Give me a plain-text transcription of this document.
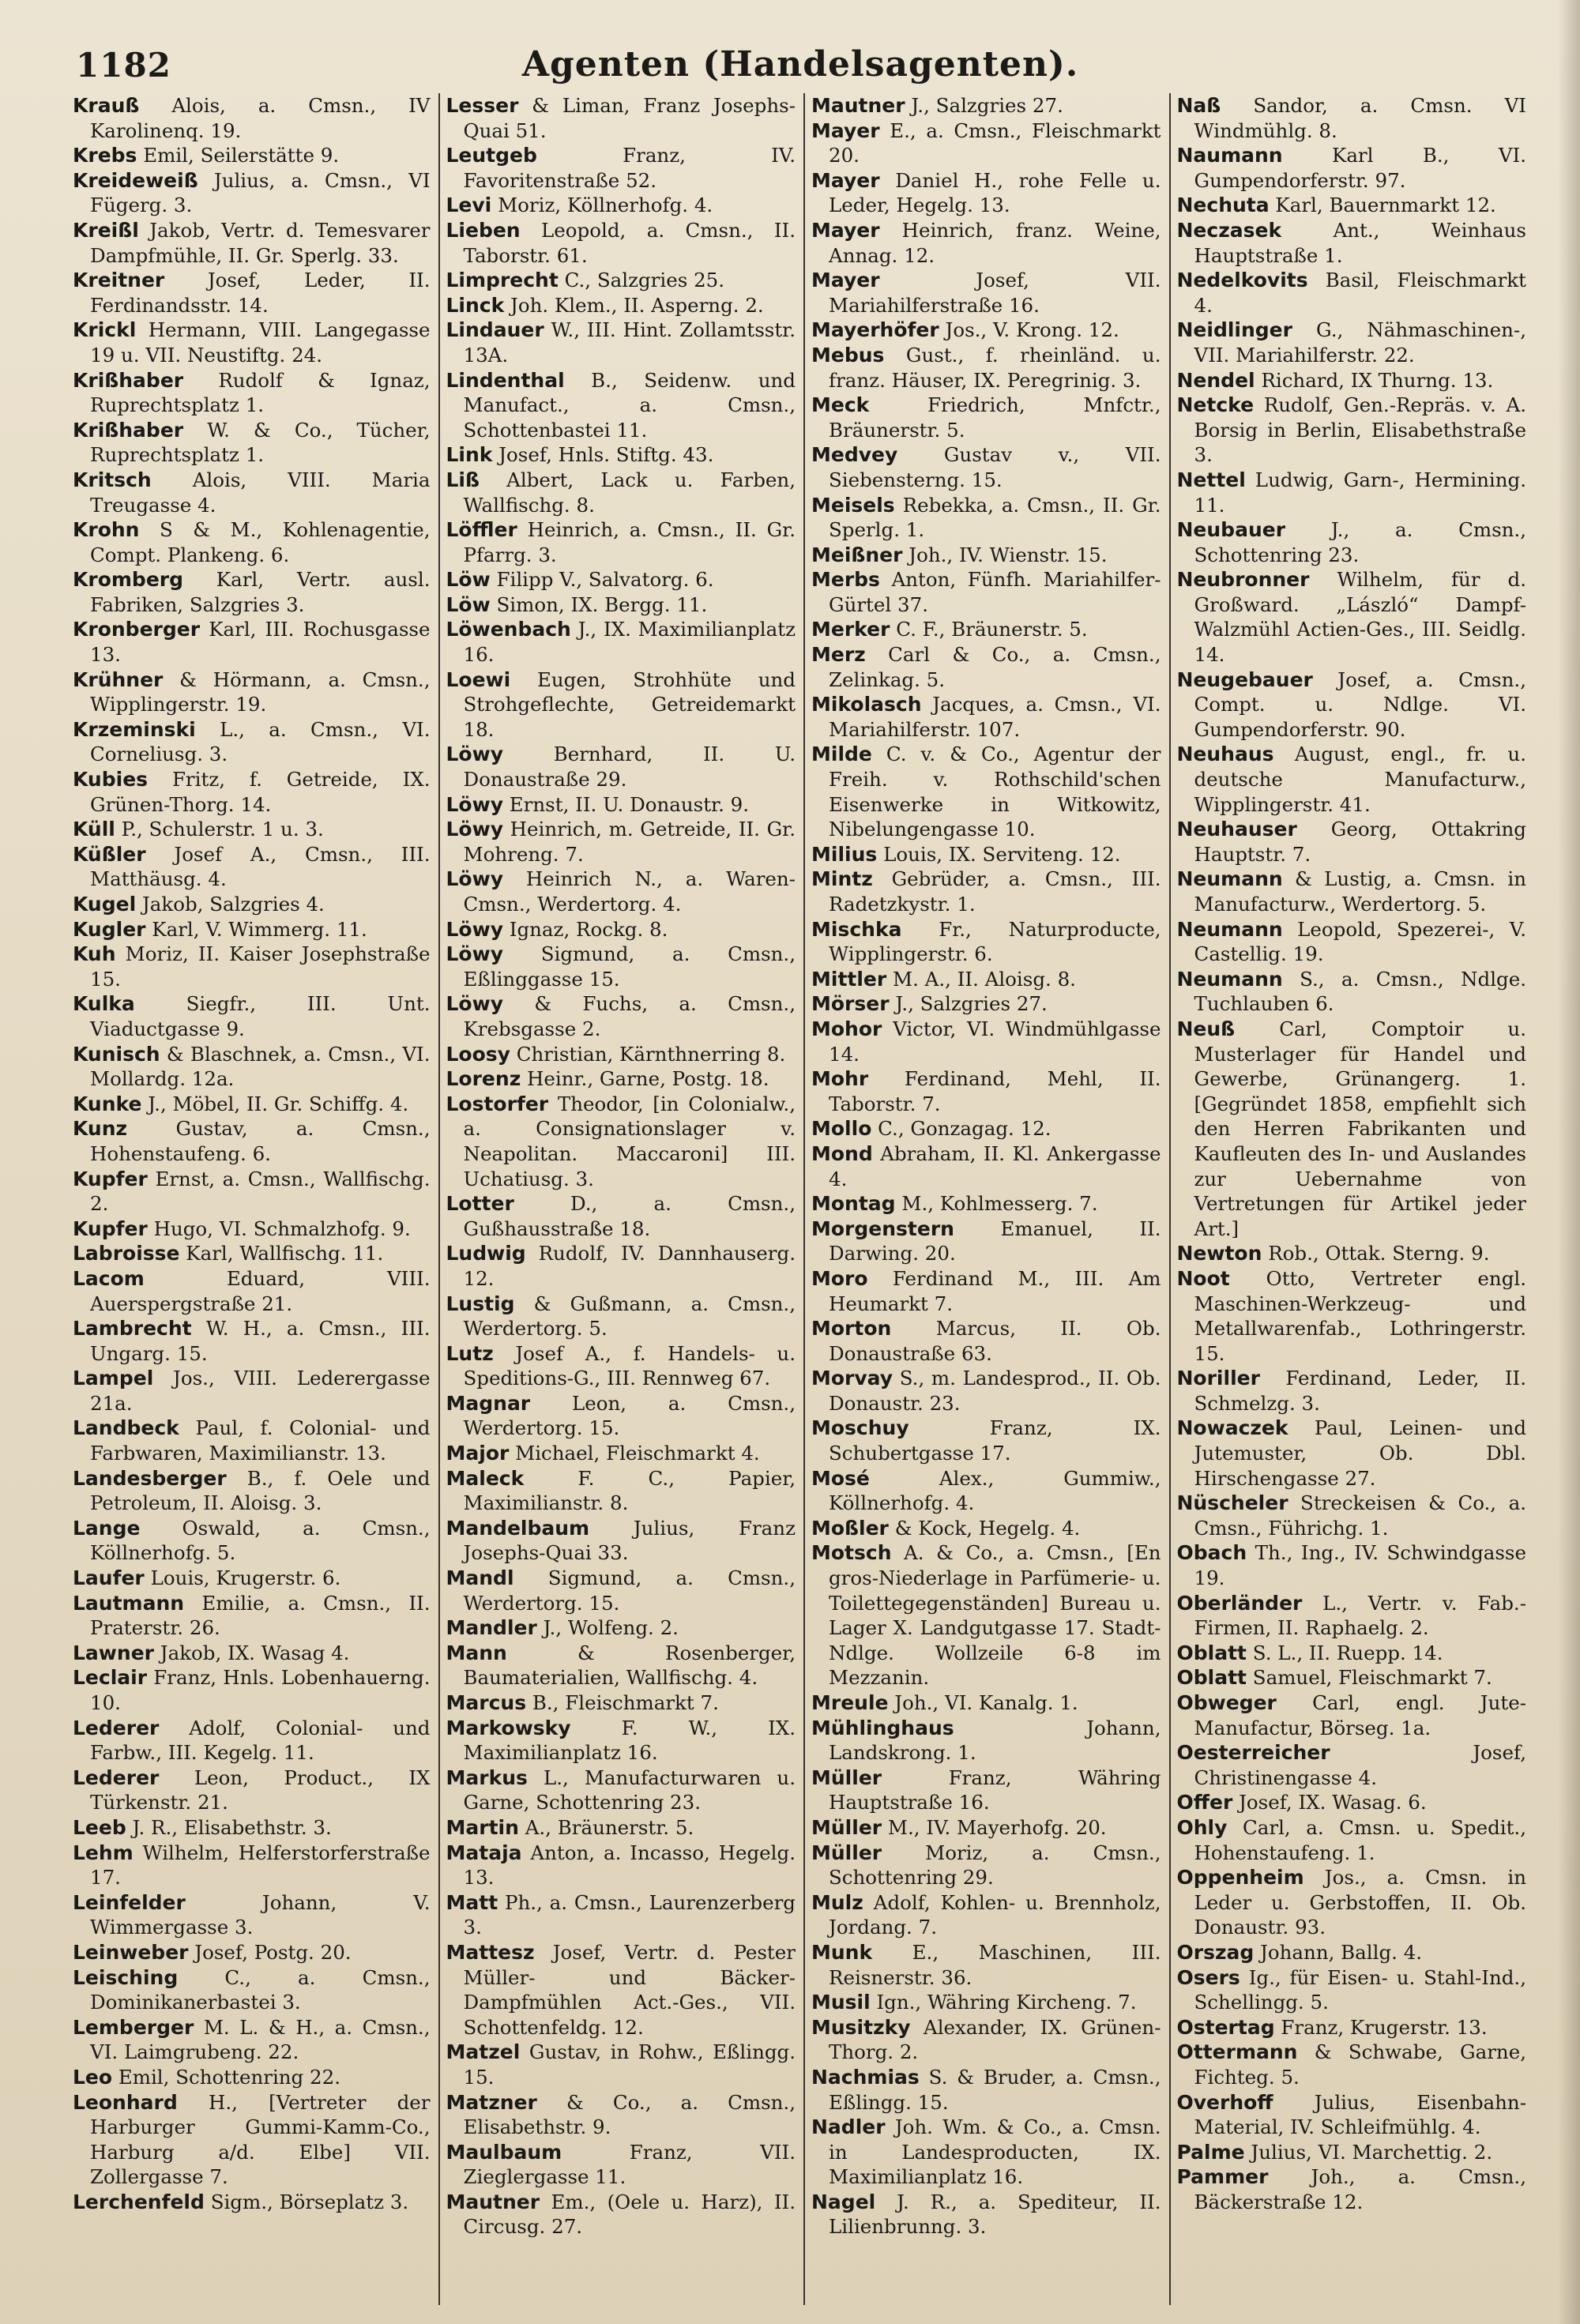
1182	Agenten (Handelsagenten).
Krauß Alois, a. Cmsn., IV Karolinenq. 19.
Krebs Emil, Seilerstätte 9.
Kreideweiß Julius, a. Cmsn., VI Fügerg. 3.
Kreißl Jakob, Vertr. d. Temesvarer Dampfmühle, II. Gr. Sperlg. 33.
Kreitner Josef, Leder, II. Ferdinandsstr. 14.
Krickl Hermann, VIII. Langegasse 19 u. VII. Neustiftg. 24.
Krißhaber Rudolf & Ignaz, Ruprechtsplatz 1.
Krißhaber W. & Co., Tücher, Ruprechtsplatz 1.
Kritsch Alois, VIII. Maria Treugasse 4.
Krohn S & M., Kohlenagentie, Compt. Plankeng. 6.
Kromberg Karl, Vertr. ausl. Fabriken, Salzgries 3.
Kronberger Karl, III. Rochusgasse 13.
Krühner & Hörmann, a. Cmsn., Wipplingerstr. 19.
Krzeminski L., a. Cmsn., VI. Corneliusg. 3.
Kubies Fritz, f. Getreide, IX. Grünen-Thorg. 14.
Küll P., Schulerstr. 1 u. 3.
Küßler Josef A., Cmsn., III. Matthäusg. 4.
Kugel Jakob, Salzgries 4.
Kugler Karl, V. Wimmerg. 11.
Kuh Moriz, II. Kaiser Josephstraße 15.
Kulka	Siegfr., III. Unt. Viaductgasse 9.
Kunisch & Blaschnek, a. Cmsn., VI. Mollardg. 12a.
Kunke J., Möbel, II. Gr. Schiffg. 4.
Kunz	Gustav, a. Cmsn., Hohenstaufeng. 6.
Kupfer Ernst, a. Cmsn., Wallfischg. 2.
Kupfer Hugo, VI. Schmalzhofg. 9.
Labroisse Karl, Wallfischg. 11.
Lacom	Eduard, VIII. Auerspergstraße 21.
Lambrecht W. H., a. Cmsn., III. Ungarg. 15.
Lampel Jos., VIII. Lederergasse 21a.
Landbeck Paul, f. Colonial- und Farbwaren, Maximilianstr. 13.
Landesberger B., f. Oele und Petroleum, II. Aloisg. 3.
Lange Oswald, a. Cmsn., Köllnerhofg. 5.
Laufer Louis, Krugerstr. 6.
Lautmann Emilie, a. Cmsn., II. Praterstr. 26.
Lawner Jakob, IX. Wasag 4.
Leclair Franz, Hnls. Lobenhauerng. 10.
Lederer Adolf, Colonial- und Farbw., III. Kegelg. 11.
Lederer Leon, Product., IX Türkenstr. 21.
Leeb J. R., Elisabethstr. 3.
Lehm Wilhelm, Helferstorferstraße 17.
Leinfelder	Johann, V. Wimmergasse 3.
Leinweber Josef, Postg. 20.
Leisching C., a. Cmsn., Dominikanerbastei 3.
Lemberger M. L. & H., a. Cmsn., VI. Laimgrubeng. 22.
Leo Emil, Schottenring 22.
Leonhard H., [Vertreter der Harburger Gummi-Kamm-Co., Harburg a/d. Elbe] VII. Zollergasse 7.
Lerchenfeld Sigm., Börseplatz 3.
Lesser & Liman, Franz Josephs-Quai 51.
Leutgeb	Franz, IV. Favoritenstraße 52.
Levi Moriz, Köllnerhofg. 4.
Lieben Leopold, a. Cmsn., II. Taborstr. 61.
Limprecht C., Salzgries 25.
Linck Joh. Klem., II. Asperng. 2.
Lindauer W., III. Hint. Zollamtsstr. 13A.
Lindenthal B., Seidenw. und Manufact., a. Cmsn., Schottenbastei 11.
Link Josef, Hnls. Stiftg. 43.
Liß Albert, Lack u. Farben, Wallfischg. 8.
Löffler Heinrich, a. Cmsn., II. Gr. Pfarrg. 3.
Löw Filipp V., Salvatorg. 6.
Löw Simon, IX. Bergg. 11.
Löwenbach J., IX. Maximilianplatz 16.
Loewi Eugen, Strohhüte und Strohgeflechte, Getreidemarkt 18.
Löwy	Bernhard, II. U. Donaustraße 29.
Löwy Ernst, II. U. Donaustr. 9.
Löwy Heinrich, m. Getreide, II. Gr. Mohreng. 7.
Löwy Heinrich N., a. Waren-Cmsn., Werdertorg. 4.
Löwy Ignaz, Rockg. 8.
Löwy Sigmund, a. Cmsn., Eßlinggasse 15.
Löwy & Fuchs, a. Cmsn., Krebsgasse 2.
Loosy Christian, Kärnthnerring 8.
Lorenz Heinr., Garne, Postg. 18.
Lostorfer Theodor, [in Colonialw., a. Consignationslager v. Neapolitan. Maccaroni] III. Uchatiusg. 3.
Lotter	D., a. Cmsn., Gußhausstraße 18.
Ludwig Rudolf, IV. Dannhauserg. 12.
Lustig & Gußmann, a. Cmsn., Werdertorg. 5.
Lutz Josef A., f. Handels- u. Speditions-G., III. Rennweg 67.
Magnar Leon, a. Cmsn., Werdertorg. 15.
Major Michael, Fleischmarkt 4.
Maleck	F. C., Papier, Maximilianstr. 8.
Mandelbaum Julius, Franz Josephs-Quai 33.
Mandl Sigmund, a. Cmsn., Werdertorg. 15.
Mandler J., Wolfeng. 2.
Mann	& Rosenberger, Baumaterialien, Wallfischg. 4.
Marcus B., Fleischmarkt 7.
Markowsky	F. W., IX. Maximilianplatz 16.
Markus L., Manufacturwaren u. Garne, Schottenring 23.
Martin A., Bräunerstr. 5.
Mataja Anton, a. Incasso, Hegelg. 13.
Matt Ph., a. Cmsn., Laurenzerberg 3.
Mattesz Josef, Vertr. d. Pester Müller- und Bäcker-Dampfmühlen Act.-Ges., VII. Schottenfeldg. 12.
Matzel Gustav, in Rohw., Eßlingg. 15.
Matzner & Co., a. Cmsn., Elisabethstr. 9.
Maulbaum	Franz, VII. Zieglergasse 11.
Mautner Em., (Oele u. Harz), II. Circusg. 27.
Mautner J., Salzgries 27.
Mayer E., a. Cmsn., Fleischmarkt 20.
Mayer Daniel H., rohe Felle u. Leder, Hegelg. 13.
Mayer Heinrich, franz. Weine, Annag. 12.
Mayer	Josef, VII. Mariahilferstraße 16.
Mayerhöfer Jos., V. Krong. 12.
Mebus Gust., f. rheinländ. u. franz. Häuser, IX. Peregrinig. 3.
Meck	Friedrich, Mnfctr., Bräunerstr. 5.
Medvey Gustav v., VII. Siebensterng. 15.
Meisels Rebekka, a. Cmsn., II. Gr. Sperlg. 1.
Meißner Joh., IV. Wienstr. 15.
Merbs Anton, Fünfh. Mariahilfer-Gürtel 37.
Merker C. F., Bräunerstr. 5.
Merz Carl & Co., a. Cmsn., Zelinkag. 5.
Mikolasch Jacques, a. Cmsn., VI. Mariahilferstr. 107.
Milde C. v. & Co., Agentur der Freih. v. Rothschild'schen Eisenwerke in Witkowitz, Nibelungengasse 10.
Milius Louis, IX. Serviteng. 12.
Mintz Gebrüder, a. Cmsn., III. Radetzkystr. 1.
Mischka Fr., Naturproducte, Wipplingerstr. 6.
Mittler M. A., II. Aloisg. 8.
Mörser J., Salzgries 27.
Mohor Victor, VI. Windmühlgasse 14.
Mohr Ferdinand, Mehl, II. Taborstr. 7.
Mollo C., Gonzagag. 12.
Mond Abraham, II. Kl. Ankergasse 4.
Montag M., Kohlmesserg. 7.
Morgenstern Emanuel, II. Darwing. 20.
Moro Ferdinand M., III. Am Heumarkt 7.
Morton Marcus, II. Ob. Donaustraße 63.
Morvay S., m. Landesprod., II. Ob. Donaustr. 23.
Moschuy	Franz, IX. Schubertgasse 17.
Mosé	Alex., Gummiw., Köllnerhofg. 4.
Moßler & Kock, Hegelg. 4.
Motsch A. & Co., a. Cmsn., [En gros-Niederlage in Parfümerie- u. Toilettegegenständen] Bureau u. Lager X. Landgutgasse 17. Stadt-Ndlge. Wollzeile 6-8 im Mezzanin.
Mreule Joh., VI. Kanalg. 1.
Mühlinghaus	Johann, Landskrong. 1.
Müller	Franz, Währing Hauptstraße 16.
Müller M., IV. Mayerhofg. 20.
Müller Moriz, a. Cmsn., Schottenring 29.
Mulz Adolf, Kohlen- u. Brennholz, Jordang. 7.
Munk E., Maschinen, III. Reisnerstr. 36.
Musil Ign., Währing Kircheng. 7.
Musitzky Alexander, IX. Grünen-Thorg. 2.
Nachmias S. & Bruder, a. Cmsn., Eßlingg. 15.
Nadler Joh. Wm. & Co., a. Cmsn. in Landesproducten, IX. Maximilianplatz 16.
Nagel J. R., a. Spediteur, II. Lilienbrunng. 3.
Naß Sandor, a. Cmsn. VI Windmühlg. 8.
Naumann	Karl B., VI. Gumpendorferstr. 97.
Nechuta Karl, Bauernmarkt 12.
Neczasek	Ant., Weinhaus Hauptstraße 1.
Nedelkovits Basil, Fleischmarkt 4.
Neidlinger G., Nähmaschinen-, VII. Mariahilferstr. 22.
Nendel Richard, IX Thurng. 13.
Netcke Rudolf, Gen.-Repräs. v. A. Borsig in Berlin, Elisabethstraße 3.
Nettel Ludwig, Garn-, Hermining. 11.
Neubauer J., a. Cmsn., Schottenring 23.
Neubronner Wilhelm, für d. Großward. „László“ Dampf-Walzmühl Actien-Ges., III. Seidlg. 14.
Neugebauer Josef, a. Cmsn., Compt. u. Ndlge. VI. Gumpendorferstr. 90.
Neuhaus August, engl., fr. u. deutsche Manufacturw., Wipplingerstr. 41.
Neuhauser Georg, Ottakring Hauptstr. 7.
Neumann & Lustig, a. Cmsn. in Manufacturw., Werdertorg. 5.
Neumann Leopold, Spezerei-, V. Castellig. 19.
Neumann S., a. Cmsn., Ndlge. Tuchlauben 6.
Neuß Carl, Comptoir u. Musterlager für Handel und Gewerbe, Grünangerg. 1. [Gegründet 1858, empfiehlt sich den Herren Fabrikanten und Kaufleuten des In- und Auslandes zur Uebernahme von Vertretungen für Artikel jeder Art.]
Newton Rob., Ottak. Sterng. 9.
Noot Otto, Vertreter engl. Maschinen-Werkzeug- und Metallwarenfab., Lothringerstr. 15.
Noriller Ferdinand, Leder, II. Schmelzg. 3.
Nowaczek Paul, Leinen- und Jutemuster, Ob. Dbl. Hirschengasse 27.
Nüscheler Streckeisen & Co., a. Cmsn., Führichg. 1.
Obach Th., Ing., IV. Schwindgasse 19.
Oberländer L., Vertr. v. Fab.-Firmen, II. Raphaelg. 2.
Oblatt S. L., II. Ruepp. 14.
Oblatt Samuel, Fleischmarkt 7.
Obweger Carl, engl. Jute-Manufactur, Börseg. 1a.
Oesterreicher	Josef, Christinengasse 4.
Offer Josef, IX. Wasag. 6.
Ohly Carl, a. Cmsn. u. Spedit., Hohenstaufeng. 1.
Oppenheim Jos., a. Cmsn. in Leder u. Gerbstoffen, II. Ob. Donaustr. 93.
Orszag Johann, Ballg. 4.
Osers Ig., für Eisen- u. Stahl-Ind., Schellingg. 5.
Ostertag Franz, Krugerstr. 13.
Ottermann & Schwabe, Garne, Fichteg. 5.
Overhoff Julius, Eisenbahn-Material, IV. Schleifmühlg. 4.
Palme Julius, VI. Marchettig. 2.
Pammer Joh., a. Cmsn., Bäckerstraße 12.
